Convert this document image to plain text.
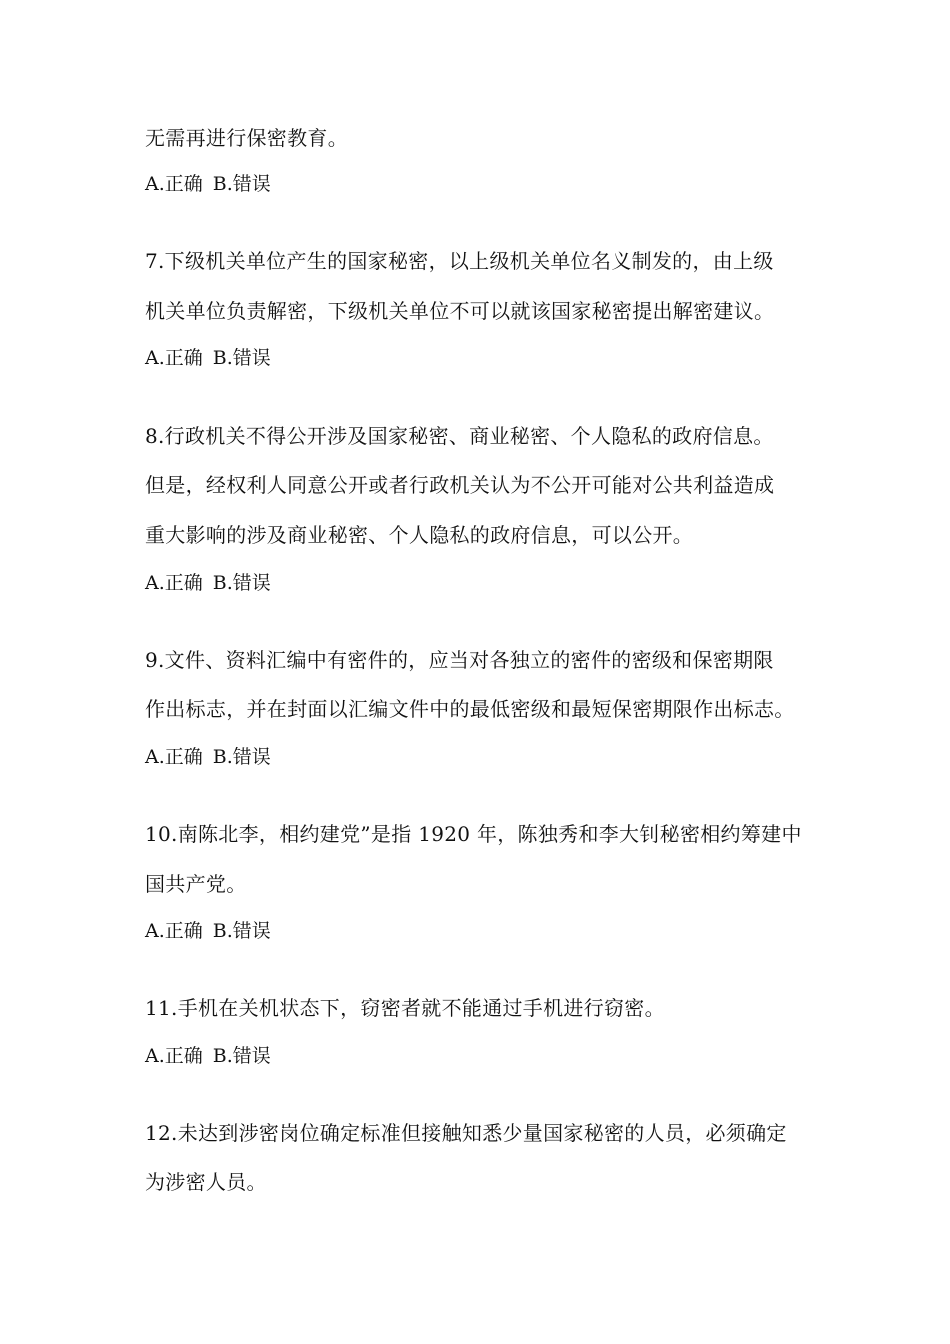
无需再进行保密教育。
A.正确 B.错误
7.下级机关单位产生的国家秘密，以上级机关单位名义制发的，由上级
机关单位负责解密，下级机关单位不可以就该国家秘密提出解密建议。
A.正确 B.错误
8.行政机关不得公开涉及国家秘密、商业秘密、个人隐私的政府信息。
但是，经权利人同意公开或者行政机关认为不公开可能对公共利益造成
重大影响的涉及商业秘密、个人隐私的政府信息，可以公开。
A.正确 B.错误
9.文件、资料汇编中有密件的，应当对各独立的密件的密级和保密期限
作出标志，并在封面以汇编文件中的最低密级和最短保密期限作出标志。
A.正确 B.错误
10.南陈北李，相约建党”是指 1920 年，陈独秀和李大钊秘密相约筹建中
国共产党。
A.正确 B.错误
11.手机在关机状态下，窃密者就不能通过手机进行窃密。
A.正确 B.错误
12.未达到涉密岗位确定标准但接触知悉少量国家秘密的人员，必须确定
为涉密人员。
